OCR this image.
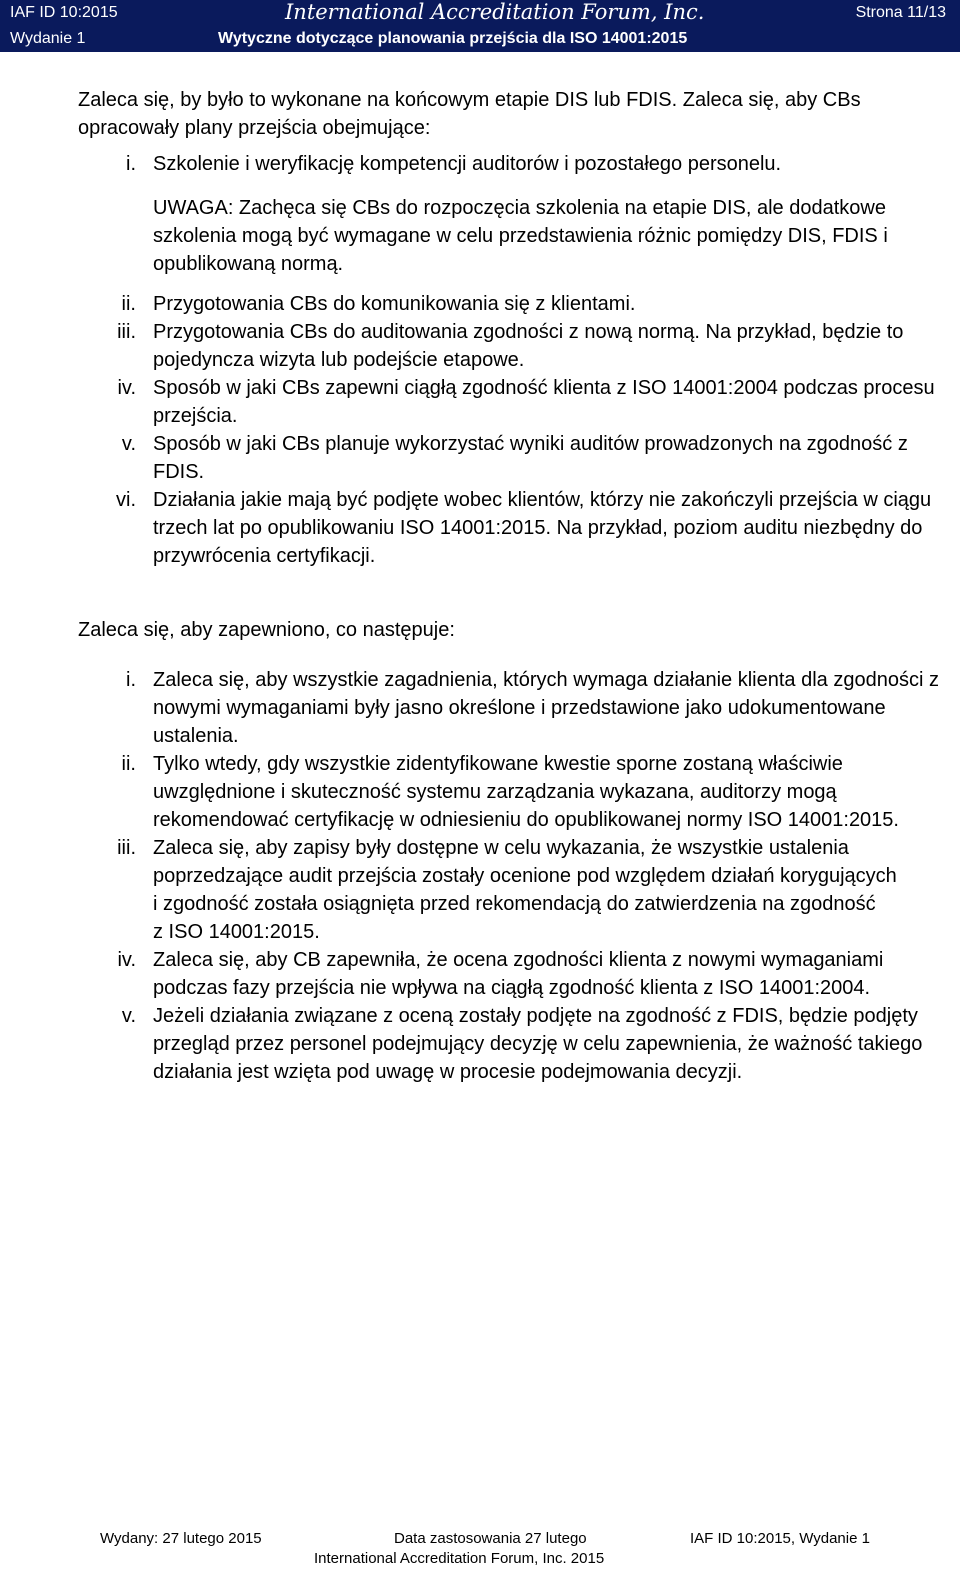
IAF ID 10:2015
Wydanie 1
International Accreditation Forum, Inc.
Wytyczne dotyczące planowania przejścia dla ISO 14001:2015
Strona 11/13

Zaleca się, by było to wykonane na końcowym etapie DIS lub FDIS. Zaleca się, aby CBs opracowały plany przejścia obejmujące:

i. Szkolenie i weryfikację kompetencji auditorów i pozostałego personelu.

UWAGA: Zachęca się CBs do rozpoczęcia szkolenia na etapie DIS, ale dodatkowe szkolenia mogą być wymagane w celu przedstawienia różnic pomiędzy DIS, FDIS i opublikowaną normą.

ii. Przygotowania CBs do komunikowania się z klientami.
iii. Przygotowania CBs do auditowania zgodności z nową normą. Na przykład, będzie to pojedyncza wizyta lub podejście etapowe.
iv. Sposób w jaki CBs zapewni ciągłą zgodność klienta z ISO 14001:2004 podczas procesu przejścia.
v. Sposób w jaki CBs planuje wykorzystać wyniki auditów prowadzonych na zgodność z FDIS.
vi. Działania jakie mają być podjęte wobec klientów, którzy nie zakończyli przejścia w ciągu trzech lat po opublikowaniu ISO 14001:2015. Na przykład, poziom auditu niezbędny do przywrócenia certyfikacji.

Zaleca się, aby zapewniono, co następuje:

i. Zaleca się, aby wszystkie zagadnienia, których wymaga działanie klienta dla zgodności z nowymi wymaganiami były jasno określone i przedstawione jako udokumentowane ustalenia.
ii. Tylko wtedy, gdy wszystkie zidentyfikowane kwestie sporne zostaną właściwie uwzględnione i skuteczność systemu zarządzania wykazana, auditorzy mogą rekomendować certyfikację w odniesieniu do opublikowanej normy ISO 14001:2015.
iii. Zaleca się, aby zapisy były dostępne w celu wykazania, że wszystkie ustalenia poprzedzające audit przejścia zostały ocenione pod względem działań korygujących
i zgodność została osiągnięta przed rekomendacją do zatwierdzenia na zgodność
z ISO 14001:2015.
iv. Zaleca się, aby CB zapewniła, że ocena zgodności klienta z nowymi wymaganiami podczas fazy przejścia nie wpływa na ciągłą zgodność klienta z ISO 14001:2004.
v. Jeżeli działania związane z oceną zostały podjęte na zgodność z FDIS, będzie podjęty przegląd przez personel podejmujący decyzję w celu zapewnienia, że ważność takiego działania jest wzięta pod uwagę w procesie podejmowania decyzji.
Wydany: 27 lutego 2015	Data zastosowania 27 lutego	IAF ID 10:2015, Wydanie 1
International Accreditation Forum, Inc. 2015
